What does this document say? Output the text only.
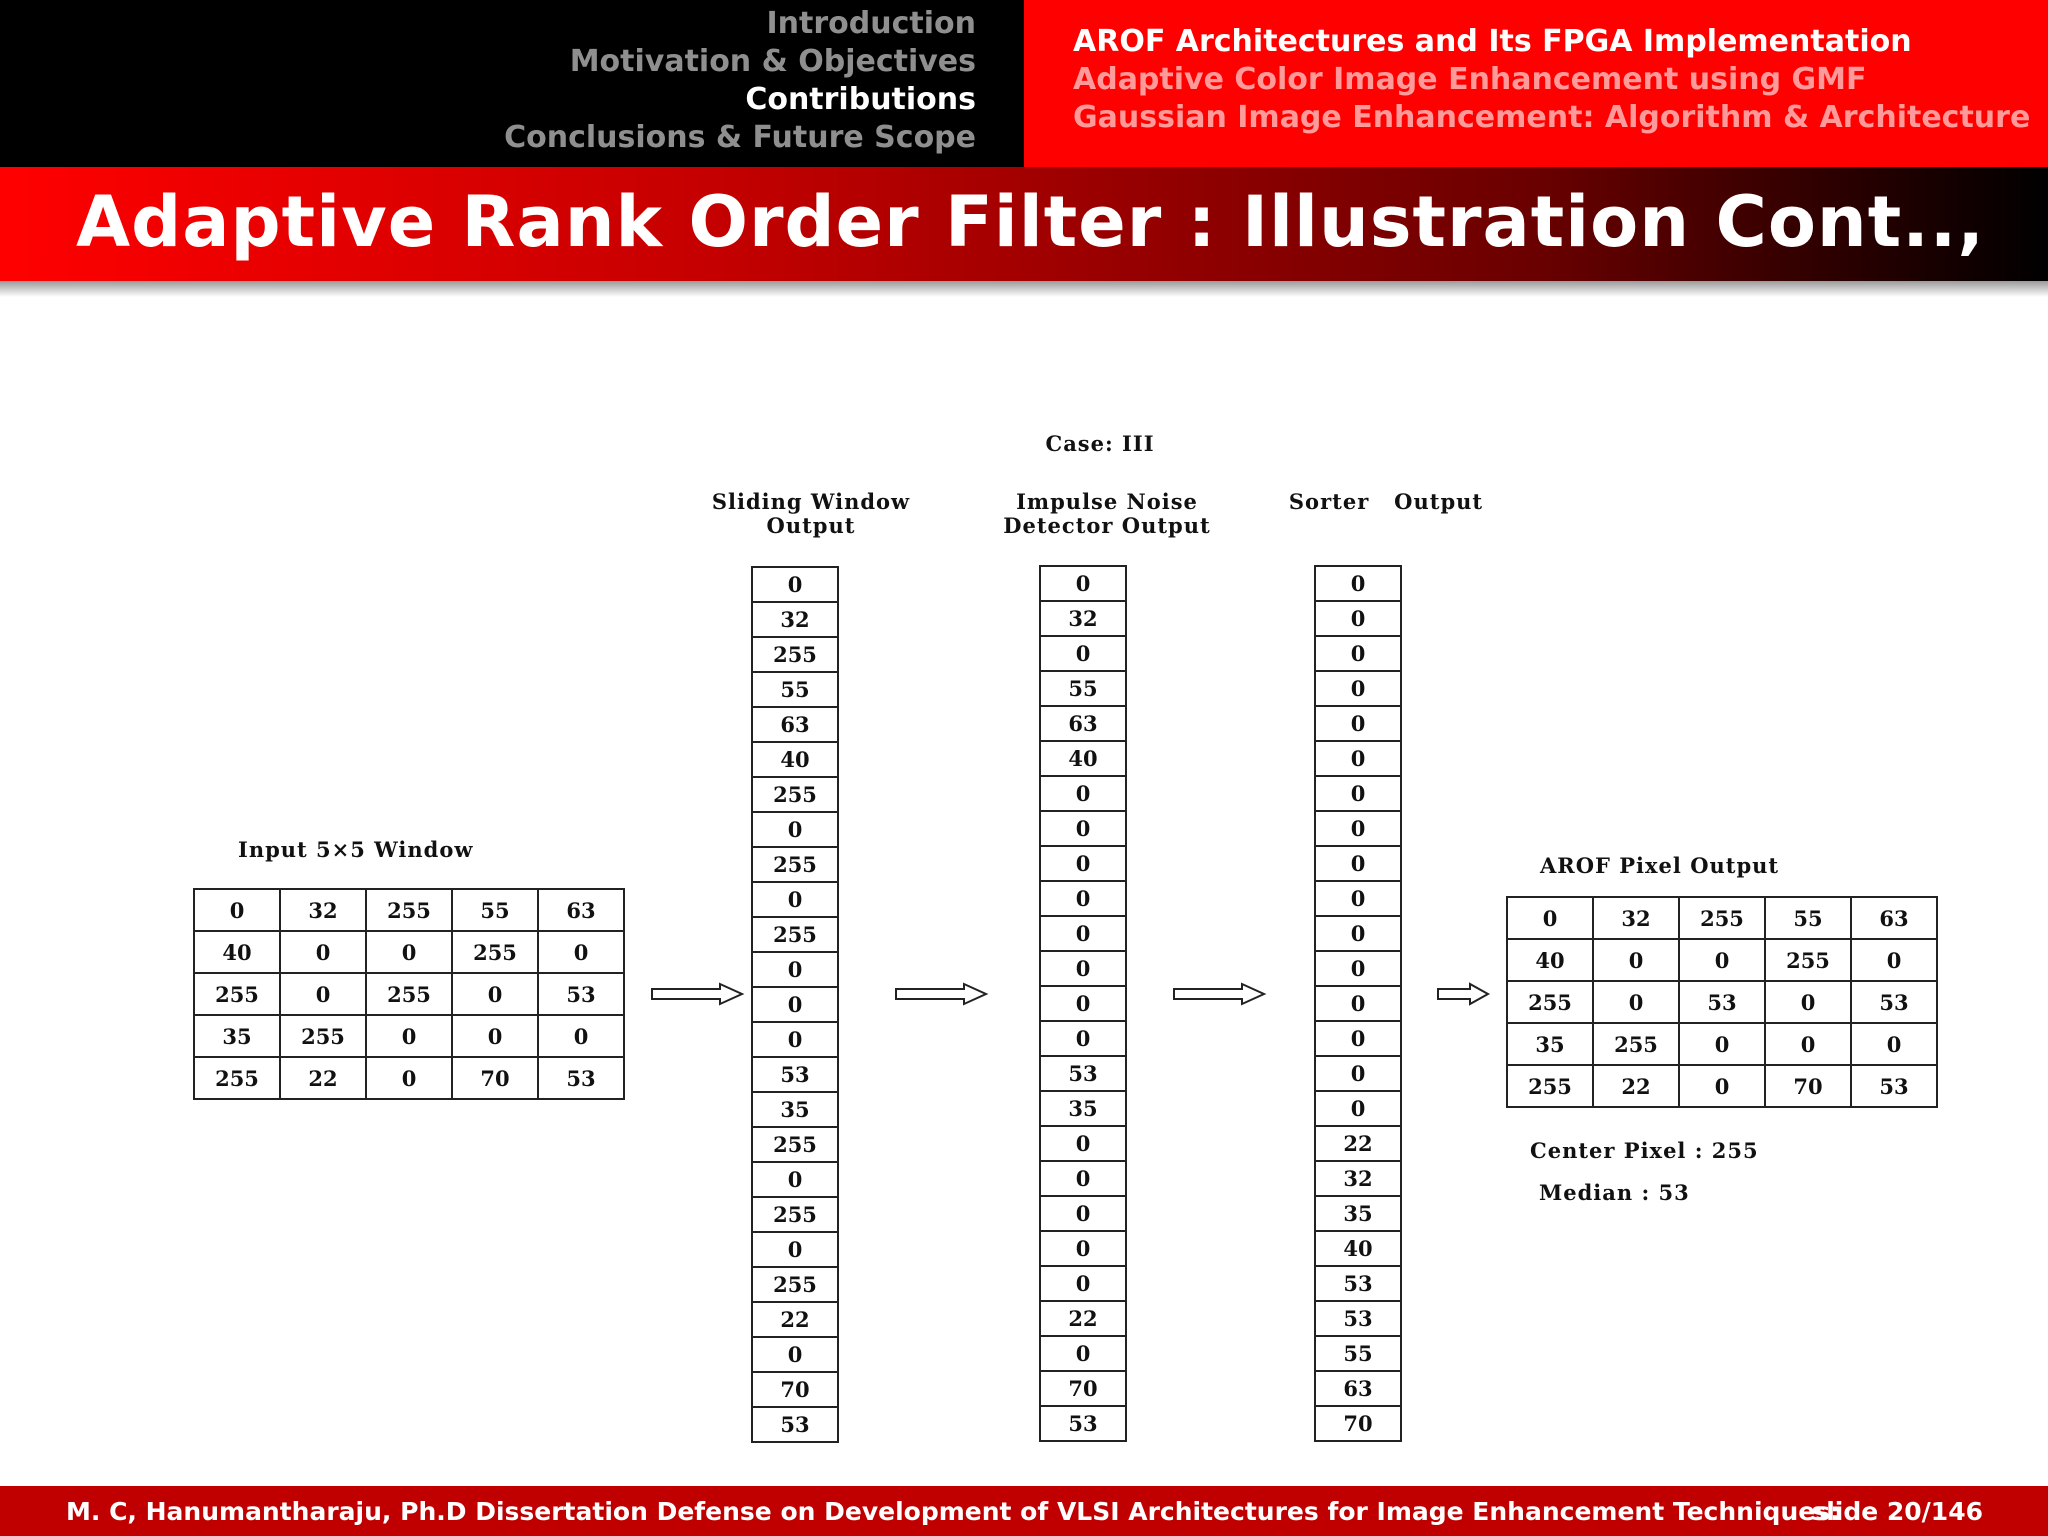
Introduction
Motivation & Objectives
Contributions
Conclusions & Future Scope
AROF Architectures and Its FPGA Implementation
Adaptive Color Image Enhancement using GMF
Gaussian Image Enhancement: Algorithm & Architecture
Adaptive Rank Order Filter : Illustration Cont..,
Case: III
Input 5×5 Window
0	32	255	55	63
40	0	0	255	0
255	0	255	0	53
35	255	0	0	0
255	22	0	70	53
Sliding Window
Output
0
32
255
55
63
40
255
0
255
0
255
0
0
0
53
35
255
0
255
0
255
22
0
70
53
Impulse Noise
Detector Output
0
32
0
55
63
40
0
0
0
0
0
0
0
0
53
35
0
0
0
0
0
22
0
70
53
Sorter   Output
0
0
0
0
0
0
0
0
0
0
0
0
0
0
0
0
22
32
35
40
53
53
55
63
70
AROF Pixel Output
0	32	255	55	63
40	0	0	255	0
255	0	53	0	53
35	255	0	0	0
255	22	0	70	53
Center Pixel : 255
Median : 53
M. C, Hanumantharaju, Ph.D Dissertation Defense on Development of VLSI Architectures for Image Enhancement Techniques:
slide 20/146
